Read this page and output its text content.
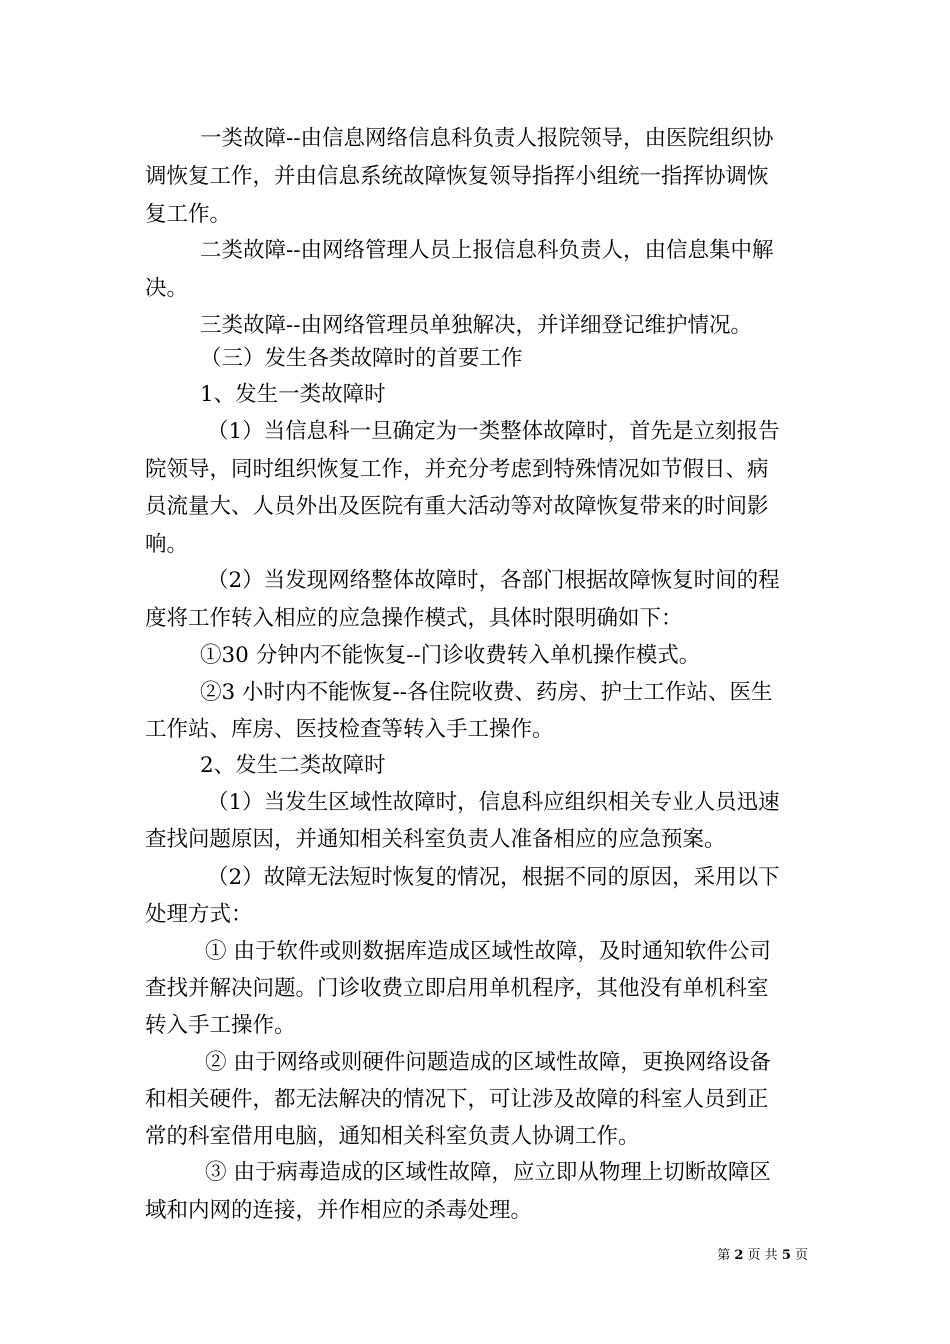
一类故障--由信息网络信息科负责人报院领导，由医院组织协
调恢复工作，并由信息系统故障恢复领导指挥小组统一指挥协调恢
复工作。
二类故障--由网络管理人员上报信息科负责人，由信息集中解
决。
三类故障--由网络管理员单独解决，并详细登记维护情况。
（三）发生各类故障时的首要工作
1、发生一类故障时
（1）当信息科一旦确定为一类整体故障时，首先是立刻报告
院领导，同时组织恢复工作，并充分考虑到特殊情况如节假日、病
员流量大、人员外出及医院有重大活动等对故障恢复带来的时间影
响。
（2）当发现网络整体故障时，各部门根据故障恢复时间的程
度将工作转入相应的应急操作模式，具体时限明确如下：
①30 分钟内不能恢复--门诊收费转入单机操作模式。
②3 小时内不能恢复--各住院收费、药房、护士工作站、医生
工作站、库房、医技检查等转入手工操作。
2、发生二类故障时
（1）当发生区域性故障时，信息科应组织相关专业人员迅速
查找问题原因，并通知相关科室负责人准备相应的应急预案。
（2）故障无法短时恢复的情况，根据不同的原因，采用以下
处理方式：
① 由于软件或则数据库造成区域性故障，及时通知软件公司
查找并解决问题。门诊收费立即启用单机程序，其他没有单机科室
转入手工操作。
② 由于网络或则硬件问题造成的区域性故障，更换网络设备
和相关硬件，都无法解决的情况下，可让涉及故障的科室人员到正
常的科室借用电脑，通知相关科室负责人协调工作。
③ 由于病毒造成的区域性故障，应立即从物理上切断故障区
域和内网的连接，并作相应的杀毒处理。
第 2 页 共 5 页
